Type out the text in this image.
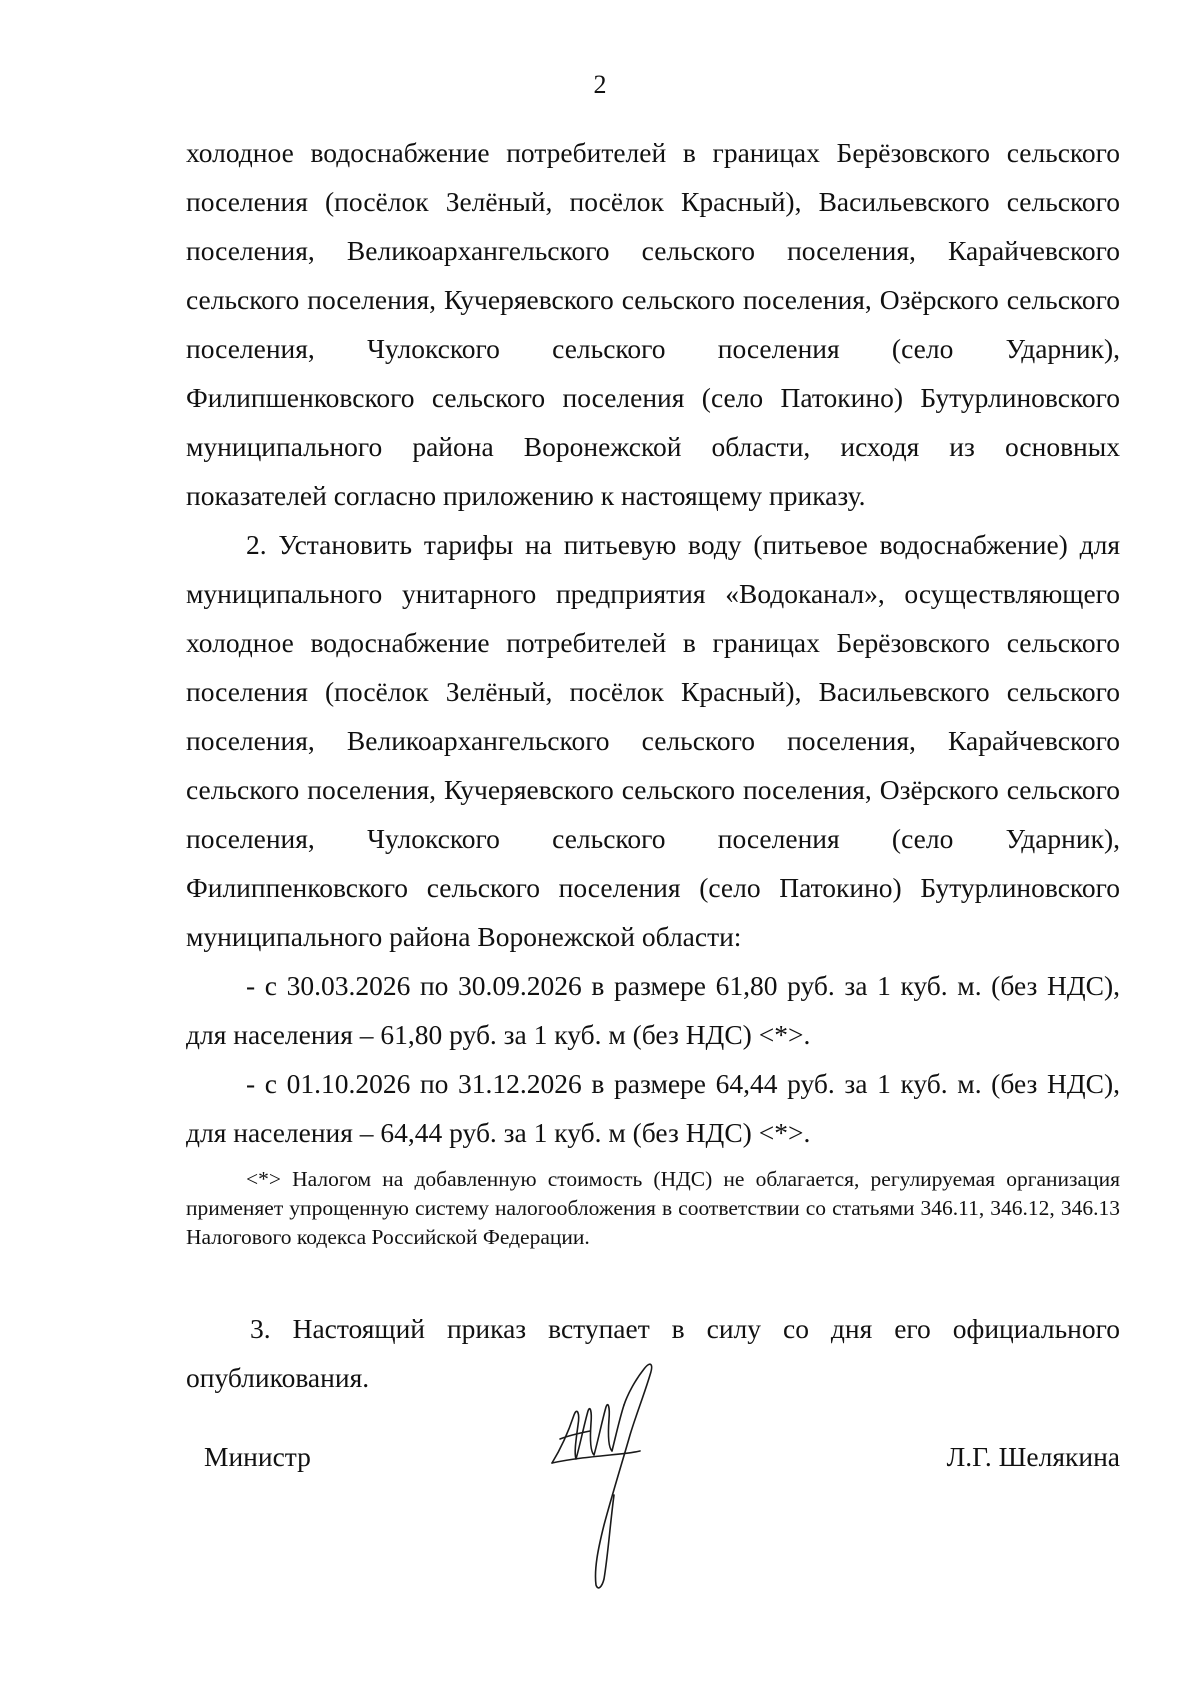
2

холодное водоснабжение потребителей в границах Берёзовского сельского поселения (посёлок Зелёный, посёлок Красный), Васильевского сельского поселения, Великоархангельского сельского поселения, Карайчевского сельского поселения, Кучеряевского сельского поселения, Озёрского сельского поселения, Чулокского сельского поселения (село Ударник), Филипшенковского сельского поселения (село Патокино) Бутурлиновского муниципального района Воронежской области, исходя из основных показателей согласно приложению к настоящему приказу.

2. Установить тарифы на питьевую воду (питьевое водоснабжение) для муниципального унитарного предприятия «Водоканал», осуществляющего холодное водоснабжение потребителей в границах Берёзовского сельского поселения (посёлок Зелёный, посёлок Красный), Васильевского сельского поселения, Великоархангельского сельского поселения, Карайчевского сельского поселения, Кучеряевского сельского поселения, Озёрского сельского поселения, Чулокского сельского поселения (село Ударник), Филиппенковского сельского поселения (село Патокино) Бутурлиновского муниципального района Воронежской области:

- с 30.03.2026 по 30.09.2026 в размере 61,80 руб. за 1 куб. м. (без НДС), для населения – 61,80 руб. за 1 куб. м (без НДС) <*>.

- с 01.10.2026 по 31.12.2026 в размере 64,44 руб. за 1 куб. м. (без НДС), для населения – 64,44 руб. за 1 куб. м (без НДС) <*>.

<*> Налогом на добавленную стоимость (НДС) не облагается, регулируемая организация применяет упрощенную систему налогообложения в соответствии со статьями 346.11, 346.12, 346.13 Налогового кодекса Российской Федерации.

3. Настоящий приказ вступает в силу со дня его официального опубликования.

Министр	Л.Г. Шелякина
